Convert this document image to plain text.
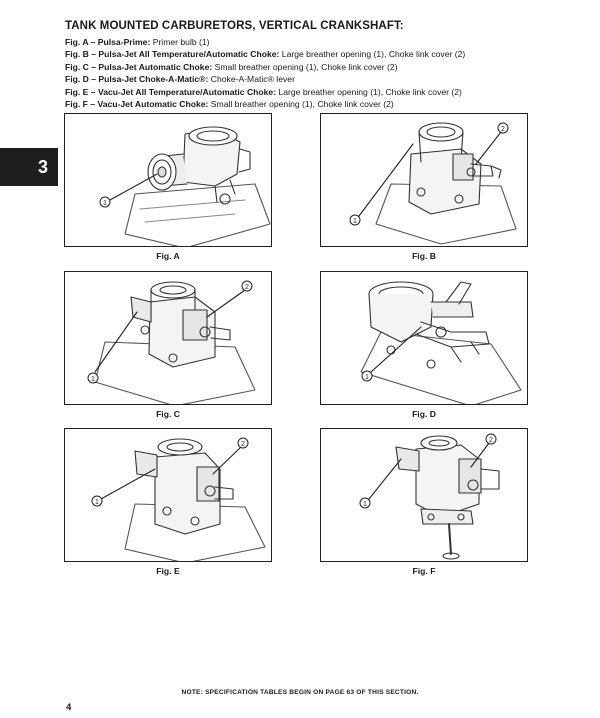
TANK MOUNTED CARBURETORS, VERTICAL CRANKSHAFT:
Fig. A – Pulsa-Prime: Primer bulb (1)
Fig. B – Pulsa-Jet All Temperature/Automatic Choke: Large breather opening (1), Choke link cover (2)
Fig. C – Pulsa-Jet Automatic Choke: Small breather opening (1), Choke link cover (2)
Fig. D – Pulsa-Jet Choke-A-Matic®: Choke-A-Matic® lever
Fig. E – Vacu-Jet All Temperature/Automatic Choke: Large breather opening (1), Choke link cover (2)
Fig. F – Vacu-Jet Automatic Choke: Small breather opening (1), Choke link cover (2)
3
1
Fig. A
1
2
Fig. B
1
2
Fig. C
1
Fig. D
1
2
Fig. E
1
2
Fig. F
NOTE: SPECIFICATION TABLES BEGIN ON PAGE 63 OF THIS SECTION.
4
